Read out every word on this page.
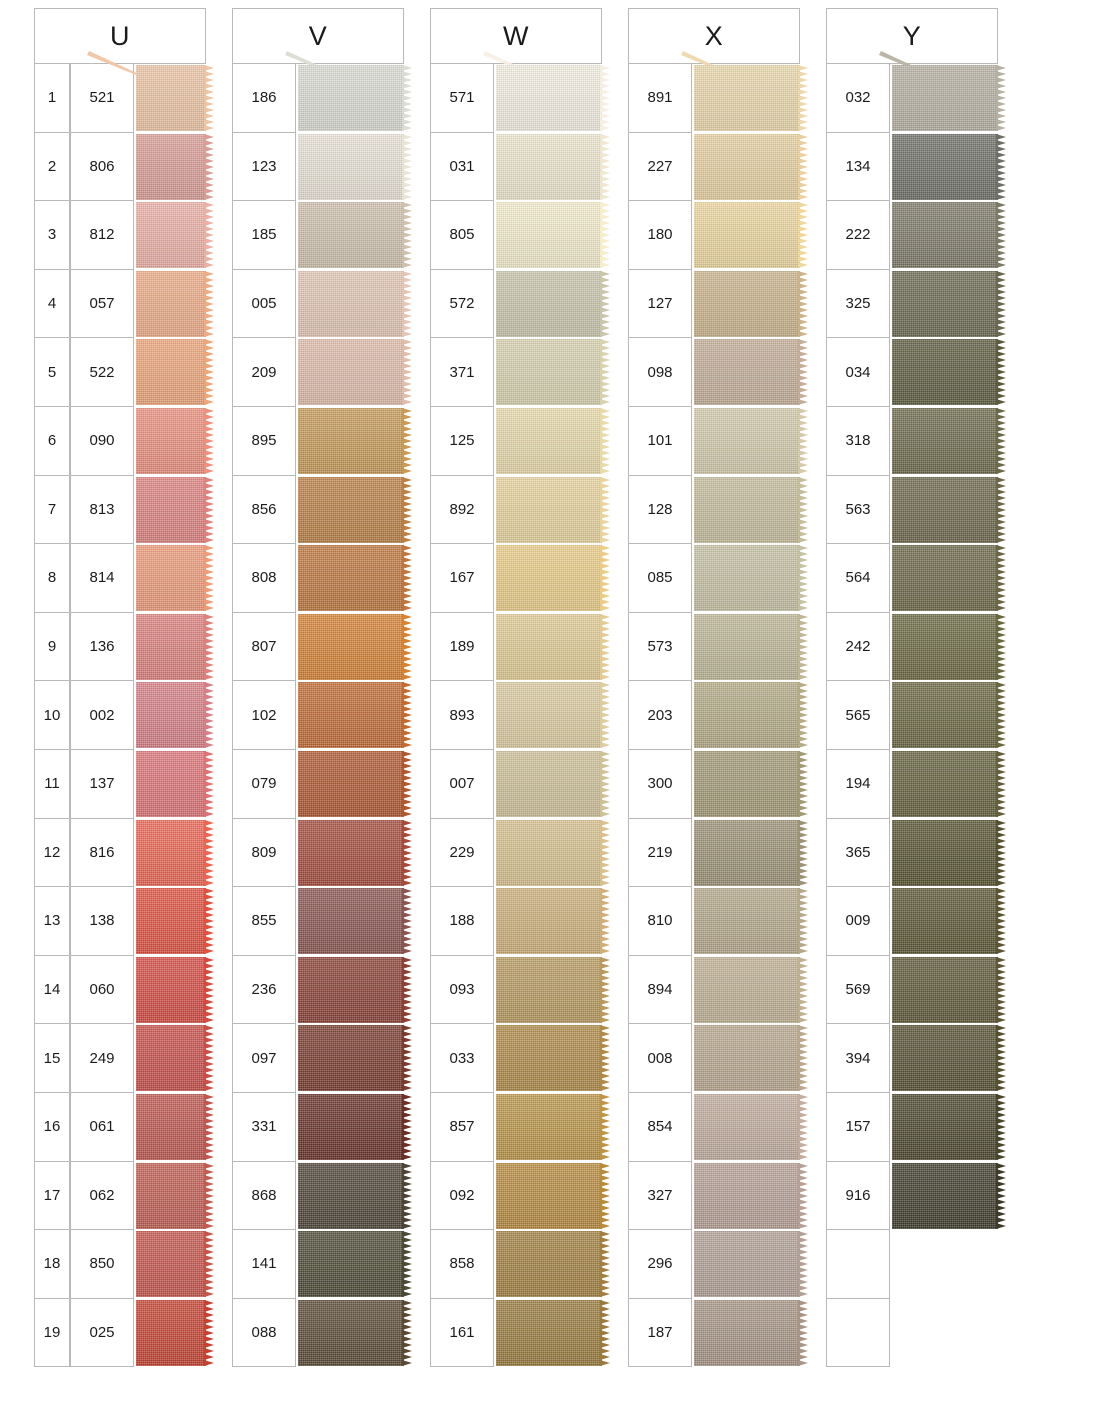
U
1	521
2	806
3	812
4	057
5	522
6	090
7	813
8	814
9	136
10	002
11	137
12	816
13	138
14	060
15	249
16	061
17	062
18	850
19	025
V
186
123
185
005
209
895
856
808
807
102
079
809
855
236
097
331
868
141
088
W
571
031
805
572
371
125
892
167
189
893
007
229
188
093
033
857
092
858
161
X
891
227
180
127
098
101
128
085
573
203
300
219
810
894
008
854
327
296
187
Y
032
134
222
325
034
318
563
564
242
565
194
365
009
569
394
157
916
